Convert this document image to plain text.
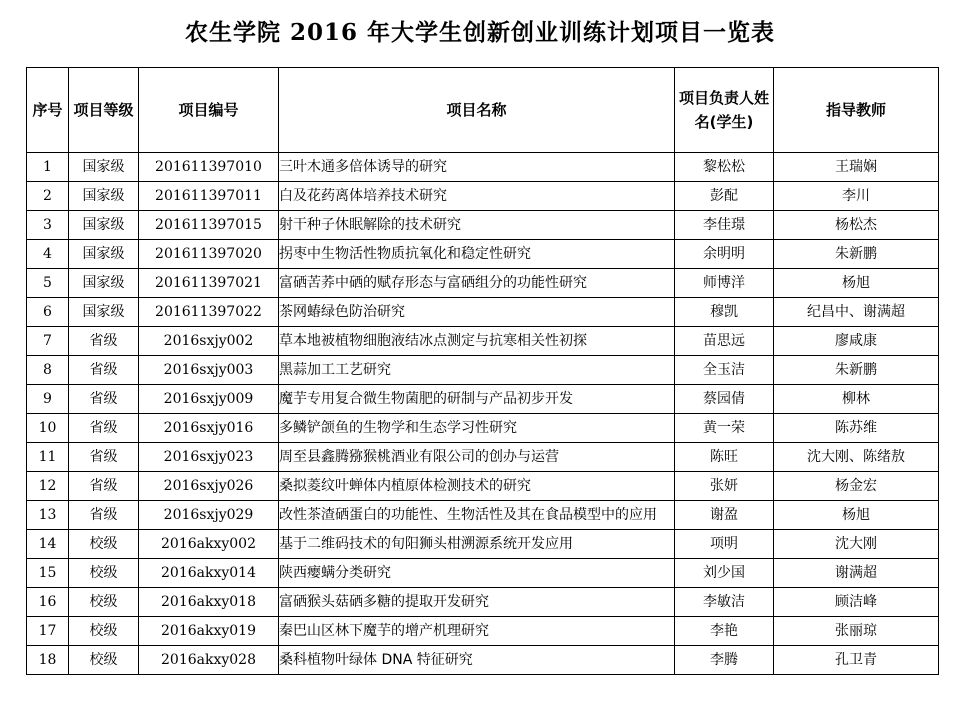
农生学院 2016 年大学生创新创业训练计划项目一览表
序号	项目等级	项目编号	项目名称	项目负责人姓名(学生)	指导教师
1	国家级	201611397010	三叶木通多倍体诱导的研究	黎松松	王瑞娴
2	国家级	201611397011	白及花药离体培养技术研究	彭配	李川
3	国家级	201611397015	射干种子休眠解除的技术研究	李佳璟	杨松杰
4	国家级	201611397020	拐枣中生物活性物质抗氧化和稳定性研究	余明明	朱新鹏
5	国家级	201611397021	富硒苦荞中硒的赋存形态与富硒组分的功能性研究	师博洋	杨旭
6	国家级	201611397022	茶网蝽绿色防治研究	穆凯	纪昌中、谢满超
7	省级	2016sxjy002	草本地被植物细胞液结冰点测定与抗寒相关性初探	苗思远	廖咸康
8	省级	2016sxjy003	黑蒜加工工艺研究	全玉洁	朱新鹏
9	省级	2016sxjy009	魔芋专用复合微生物菌肥的研制与产品初步开发	蔡园倩	柳林
10	省级	2016sxjy016	多鳞铲颌鱼的生物学和生态学习性研究	黄一荣	陈苏维
11	省级	2016sxjy023	周至县鑫腾猕猴桃酒业有限公司的创办与运营	陈旺	沈大刚、陈绪敖
12	省级	2016sxjy026	桑拟菱纹叶蝉体内植原体检测技术的研究	张妍	杨金宏
13	省级	2016sxjy029	改性茶渣硒蛋白的功能性、生物活性及其在食品模型中的应用	谢盈	杨旭
14	校级	2016akxy002	基于二维码技术的旬阳狮头柑溯源系统开发应用	项明	沈大刚
15	校级	2016akxy014	陕西瘿螨分类研究	刘少国	谢满超
16	校级	2016akxy018	富硒猴头菇硒多糖的提取开发研究	李敏洁	顾洁峰
17	校级	2016akxy019	秦巴山区林下魔芋的增产机理研究	李艳	张丽琼
18	校级	2016akxy028	桑科植物叶绿体 DNA 特征研究	李腾	孔卫青
